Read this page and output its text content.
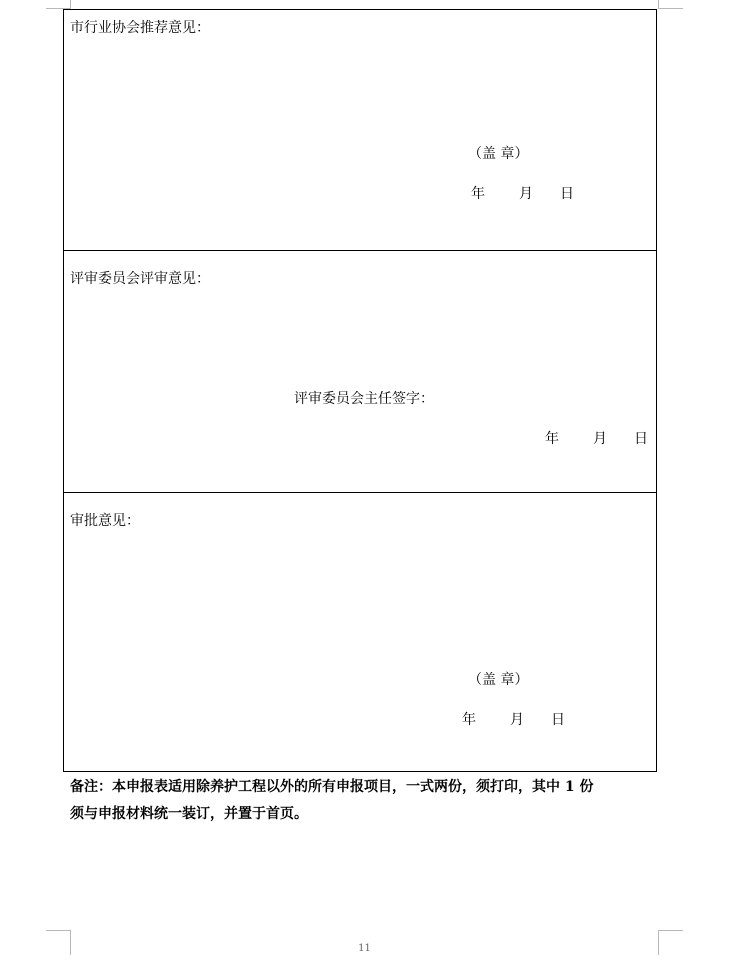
市行业协会推荐意见：
（盖 章）
年 月 日
评审委员会评审意见：
评审委员会主任签字：
年 月 日
审批意见：
（盖 章）
年 月 日
备注：本申报表适用除养护工程以外的所有申报项目，一式两份，须打印，其中 1 份
须与申报材料统一装订，并置于首页。
11
